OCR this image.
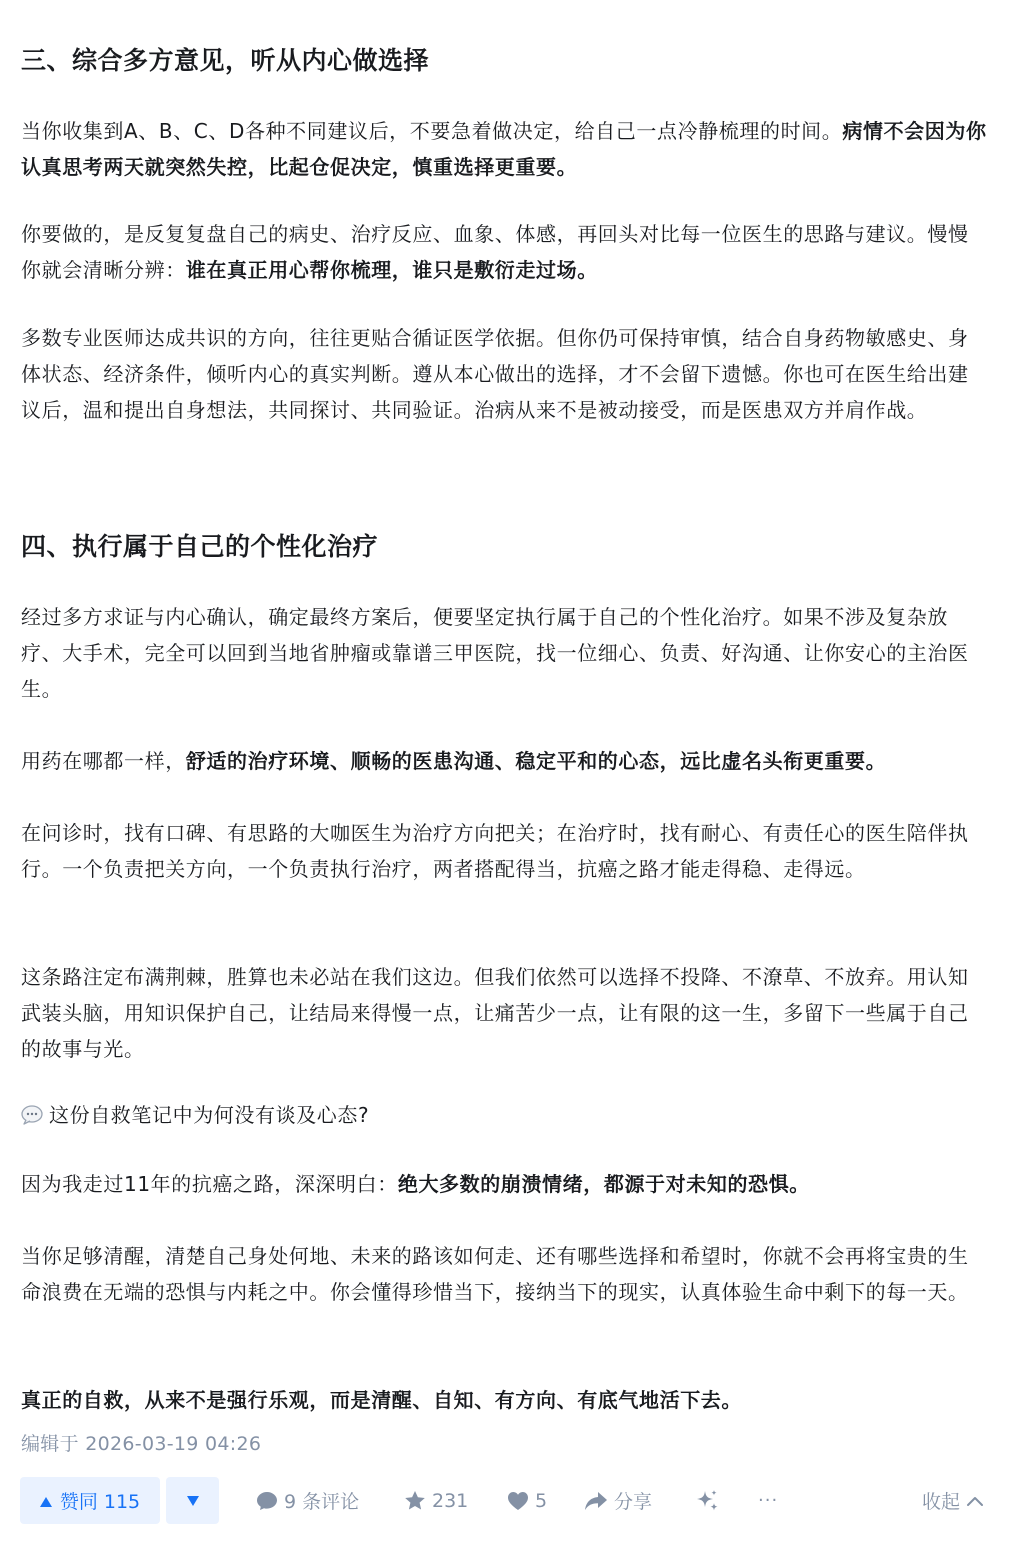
三、综合多方意见，听从内心做选择

当你收集到A、B、C、D各种不同建议后，不要急着做决定，给自己一点冷静梳理的时间。病情不会因为你认真思考两天就突然失控，比起仓促决定，慎重选择更重要。

你要做的，是反复复盘自己的病史、治疗反应、血象、体感，再回头对比每一位医生的思路与建议。慢慢你就会清晰分辨：谁在真正用心帮你梳理，谁只是敷衍走过场。

多数专业医师达成共识的方向，往往更贴合循证医学依据。但你仍可保持审慎，结合自身药物敏感史、身体状态、经济条件，倾听内心的真实判断。遵从本心做出的选择，才不会留下遗憾。你也可在医生给出建议后，温和提出自身想法，共同探讨、共同验证。治病从来不是被动接受，而是医患双方并肩作战。

四、执行属于自己的个性化治疗

经过多方求证与内心确认，确定最终方案后，便要坚定执行属于自己的个性化治疗。如果不涉及复杂放疗、大手术，完全可以回到当地省肿瘤或靠谱三甲医院，找一位细心、负责、好沟通、让你安心的主治医生。

用药在哪都一样，舒适的治疗环境、顺畅的医患沟通、稳定平和的心态，远比虚名头衔更重要。

在问诊时，找有口碑、有思路的大咖医生为治疗方向把关；在治疗时，找有耐心、有责任心的医生陪伴执行。一个负责把关方向，一个负责执行治疗，两者搭配得当，抗癌之路才能走得稳、走得远。

这条路注定布满荆棘，胜算也未必站在我们这边。但我们依然可以选择不投降、不潦草、不放弃。用认知武装头脑，用知识保护自己，让结局来得慢一点，让痛苦少一点，让有限的这一生，多留下一些属于自己的故事与光。

这份自救笔记中为何没有谈及心态?

因为我走过11年的抗癌之路，深深明白：绝大多数的崩溃情绪，都源于对未知的恐惧。

当你足够清醒，清楚自己身处何地、未来的路该如何走、还有哪些选择和希望时，你就不会再将宝贵的生命浪费在无端的恐惧与内耗之中。你会懂得珍惜当下，接纳当下的现实，认真体验生命中剩下的每一天。

真正的自救，从来不是强行乐观，而是清醒、自知、有方向、有底气地活下去。

编辑于 2026-03-19 04:26
赞同 115	9 条评论	231	5	分享	···	收起
